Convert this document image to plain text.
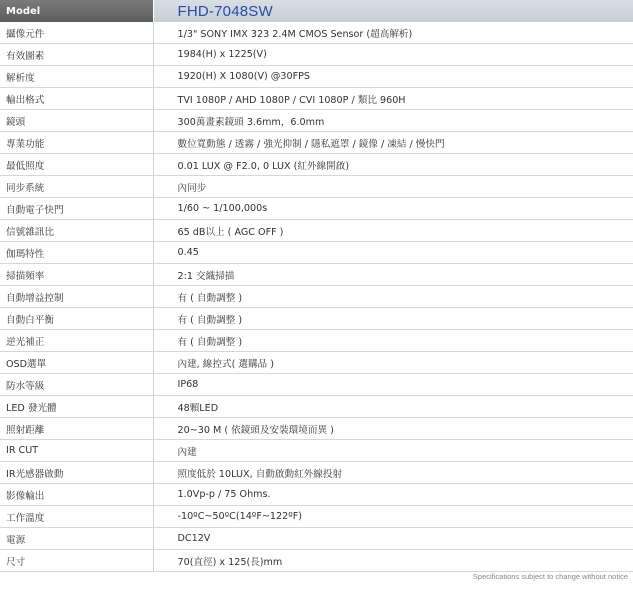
Model	FHD-7048SW
攝像元件	1/3" SONY IMX 323 2.4M CMOS Sensor (超高解析)
有效圖素	1984(H) x 1225(V)
解析度	1920(H) X 1080(V) @30FPS
輸出格式	TVI 1080P / AHD 1080P / CVI 1080P / 類比 960H
鏡頭	300萬畫素鏡頭 3.6mm，6.0mm
專業功能	數位寬動態 / 透霧 / 強光抑制 / 隱私遮罩 / 鏡像 / 凍結 / 慢快門
最低照度	0.01 LUX @ F2.0, 0 LUX (紅外線開啟)
同步系統	內同步
自動電子快門	1/60 ~ 1/100,000s
信號雜訊比	65 dB以上 ( AGC OFF )
伽瑪特性	0.45
掃描頻率	2:1 交織掃描
自動增益控制	有 ( 自動調整 )
自動白平衡	有 ( 自動調整 )
逆光補正	有 ( 自動調整 )
OSD選單	內建, 線控式( 選購品 )
防水等級	IP68
LED 發光體	48顆LED
照射距離	20~30 M ( 依鏡頭及安裝環境而異 )
IR CUT	內建
IR光感器啟動	照度低於 10LUX, 自動啟動紅外線投射
影像輸出	1.0Vp-p / 75 Ohms.
工作溫度	-10ºC~50ºC(14ºF~122ºF)
電源	DC12V
尺寸	70(直徑) x 125(長)mm
Specifications subject to change without notice
